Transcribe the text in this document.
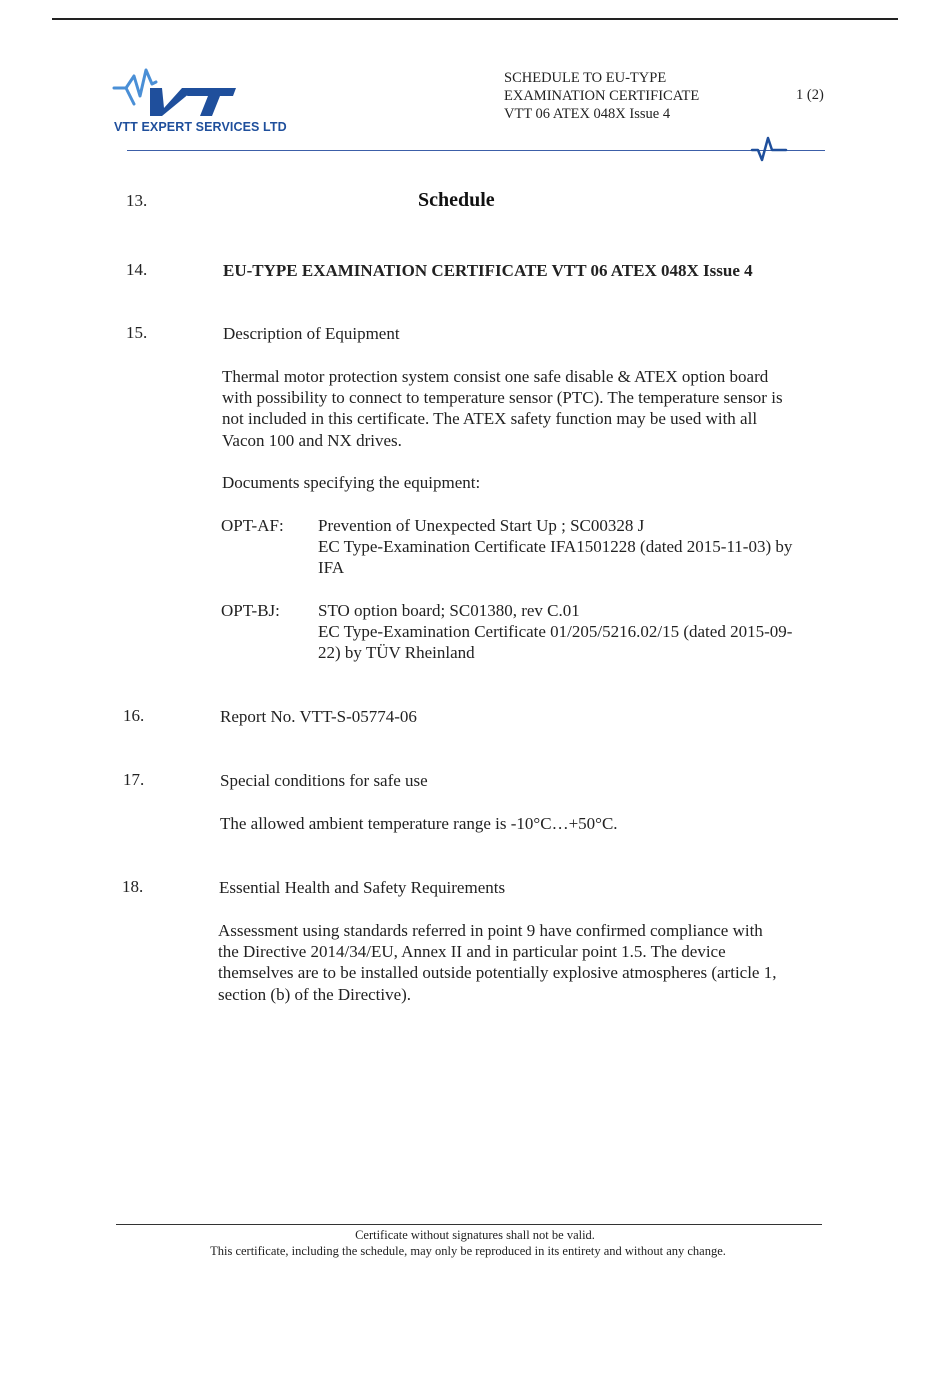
VTT EXPERT SERVICES LTD
SCHEDULE TO EU-TYPE
EXAMINATION CERTIFICATE
VTT 06 ATEX 048X Issue 4
1 (2)
13.	Schedule
14.	EU-TYPE EXAMINATION CERTIFICATE VTT 06 ATEX 048X Issue 4
15.	Description of Equipment
Thermal motor protection system consist one safe disable & ATEX option board
with possibility to connect to temperature sensor (PTC). The temperature sensor is
not included in this certificate. The ATEX safety function may be used with all
Vacon 100 and NX drives.
Documents specifying the equipment:
OPT-AF: Prevention of Unexpected Start Up ; SC00328 J
EC Type-Examination Certificate IFA1501228 (dated 2015-11-03) by
IFA
OPT-BJ: STO option board; SC01380, rev C.01
EC Type-Examination Certificate 01/205/5216.02/15 (dated 2015-09-
22) by TÜV Rheinland
16.	Report No. VTT-S-05774-06
17.	Special conditions for safe use
The allowed ambient temperature range is -10°C…+50°C.
18.	Essential Health and Safety Requirements
Assessment using standards referred in point 9 have confirmed compliance with
the Directive 2014/34/EU, Annex II and in particular point 1.5. The device
themselves are to be installed outside potentially explosive atmospheres (article 1,
section (b) of the Directive).
Certificate without signatures shall not be valid.
This certificate, including the schedule, may only be reproduced in its entirety and without any change.
